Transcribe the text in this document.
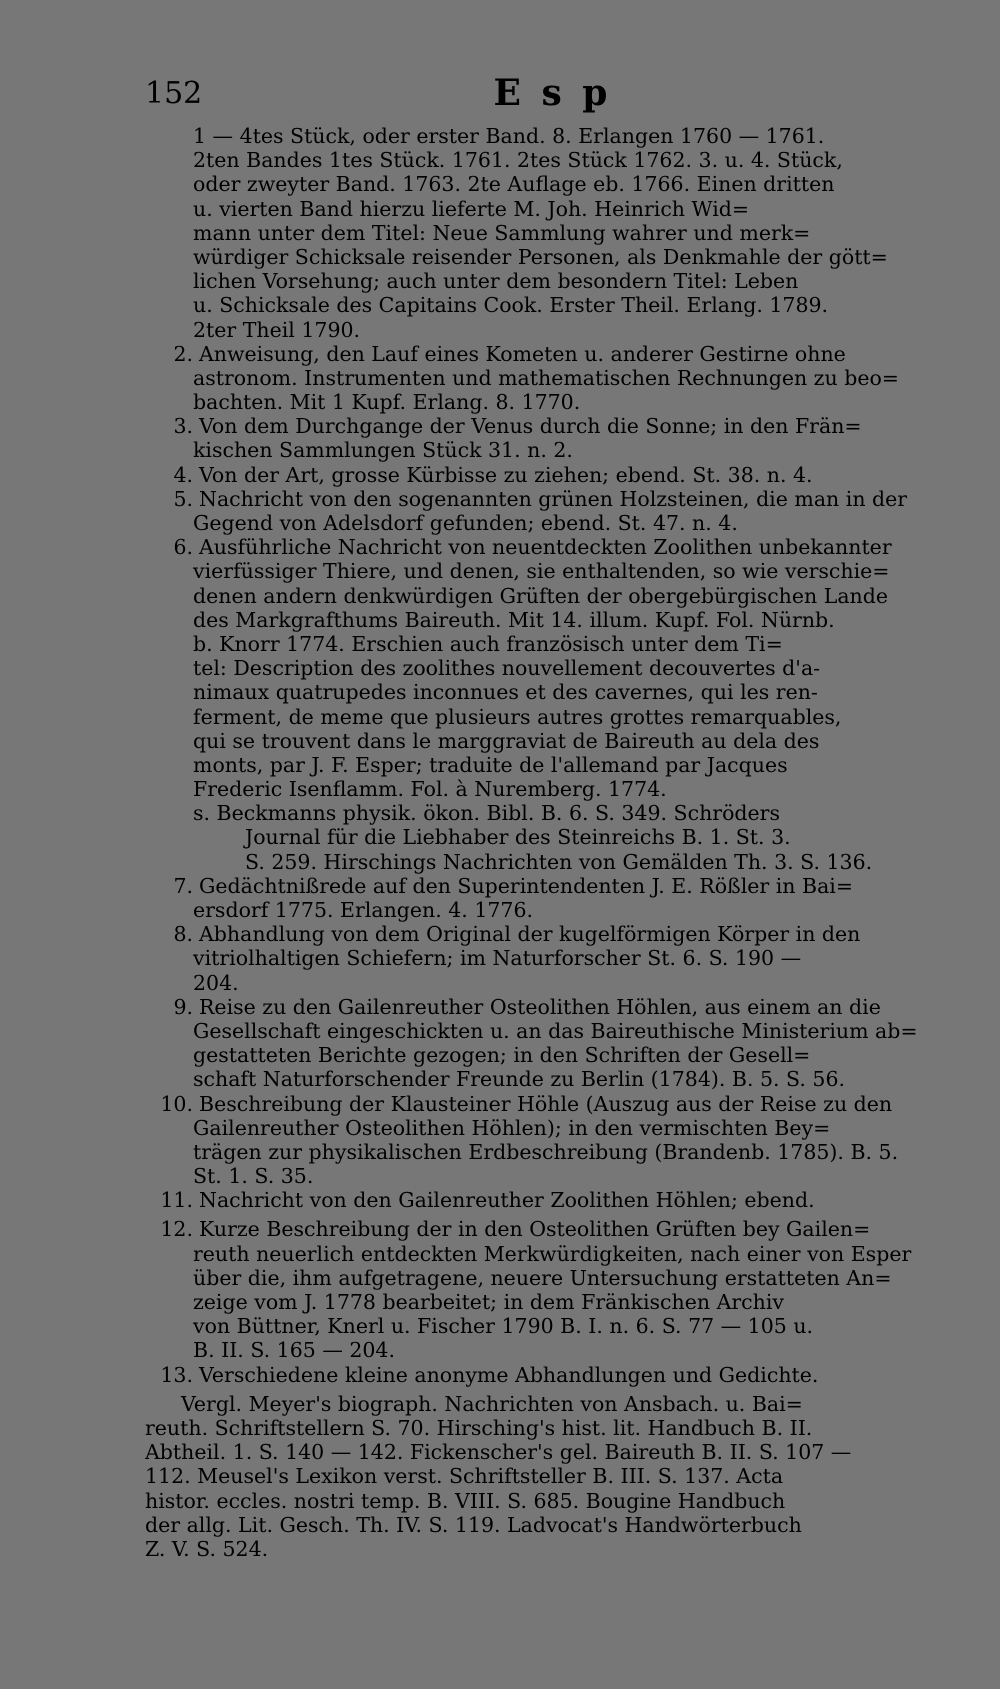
152	E s p
1 — 4tes Stück, oder erster Band. 8. Erlangen 1760 — 1761.
2ten Bandes 1tes Stück. 1761. 2tes Stück 1762. 3. u. 4. Stück,
oder zweyter Band. 1763. 2te Auflage eb. 1766. Einen dritten
u. vierten Band hierzu lieferte M. Joh. Heinrich Wid=
mann unter dem Titel: Neue Sammlung wahrer und merk=
würdiger Schicksale reisender Personen, als Denkmahle der gött=
lichen Vorsehung; auch unter dem besondern Titel: Leben
u. Schicksale des Capitains Cook. Erster Theil. Erlang. 1789.
2ter Theil 1790.
2. Anweisung, den Lauf eines Kometen u. anderer Gestirne ohne
astronom. Instrumenten und mathematischen Rechnungen zu beo=
bachten. Mit 1 Kupf. Erlang. 8. 1770.
3. Von dem Durchgange der Venus durch die Sonne; in den Frän=
kischen Sammlungen Stück 31. n. 2.
4. Von der Art, grosse Kürbisse zu ziehen; ebend. St. 38. n. 4.
5. Nachricht von den sogenannten grünen Holzsteinen, die man in der
Gegend von Adelsdorf gefunden; ebend. St. 47. n. 4.
6. Ausführliche Nachricht von neuentdeckten Zoolithen unbekannter
vierfüssiger Thiere, und denen, sie enthaltenden, so wie verschie=
denen andern denkwürdigen Grüften der obergebürgischen Lande
des Markgrafthums Baireuth. Mit 14. illum. Kupf. Fol. Nürnb.
b. Knorr 1774. Erschien auch französisch unter dem Ti=
tel: Description des zoolithes nouvellement decouvertes d'a-
nimaux quatrupedes inconnues et des cavernes, qui les ren-
ferment, de meme que plusieurs autres grottes remarquables,
qui se trouvent dans le marggraviat de Baireuth au dela des
monts, par J. F. Esper; traduite de l'allemand par Jacques
Frederic Isenflamm. Fol. à Nuremberg. 1774.
s. Beckmanns physik. ökon. Bibl. B. 6. S. 349. Schröders
Journal für die Liebhaber des Steinreichs B. 1. St. 3.
S. 259. Hirschings Nachrichten von Gemälden Th. 3. S. 136.
7. Gedächtnißrede auf den Superintendenten J. E. Rößler in Bai=
ersdorf 1775. Erlangen. 4. 1776.
8. Abhandlung von dem Original der kugelförmigen Körper in den
vitriolhaltigen Schiefern; im Naturforscher St. 6. S. 190 —
204.
9. Reise zu den Gailenreuther Osteolithen Höhlen, aus einem an die
Gesellschaft eingeschickten u. an das Baireuthische Ministerium ab=
gestatteten Berichte gezogen; in den Schriften der Gesell=
schaft Naturforschender Freunde zu Berlin (1784). B. 5. S. 56.
10. Beschreibung der Klausteiner Höhle (Auszug aus der Reise zu den
Gailenreuther Osteolithen Höhlen); in den vermischten Bey=
trägen zur physikalischen Erdbeschreibung (Brandenb. 1785). B. 5.
St. 1. S. 35.
11. Nachricht von den Gailenreuther Zoolithen Höhlen; ebend.
12. Kurze Beschreibung der in den Osteolithen Grüften bey Gailen=
reuth neuerlich entdeckten Merkwürdigkeiten, nach einer von Esper
über die, ihm aufgetragene, neuere Untersuchung erstatteten An=
zeige vom J. 1778 bearbeitet; in dem Fränkischen Archiv
von Büttner, Knerl u. Fischer 1790 B. I. n. 6. S. 77 — 105 u.
B. II. S. 165 — 204.
13. Verschiedene kleine anonyme Abhandlungen und Gedichte.
Vergl. Meyer's biograph. Nachrichten von Ansbach. u. Bai=
reuth. Schriftstellern S. 70. Hirsching's hist. lit. Handbuch B. II.
Abtheil. 1. S. 140 — 142. Fickenscher's gel. Baireuth B. II. S. 107 —
112. Meusel's Lexikon verst. Schriftsteller B. III. S. 137. Acta
histor. eccles. nostri temp. B. VIII. S. 685. Bougine Handbuch
der allg. Lit. Gesch. Th. IV. S. 119. Ladvocat's Handwörterbuch
Z. V. S. 524.
